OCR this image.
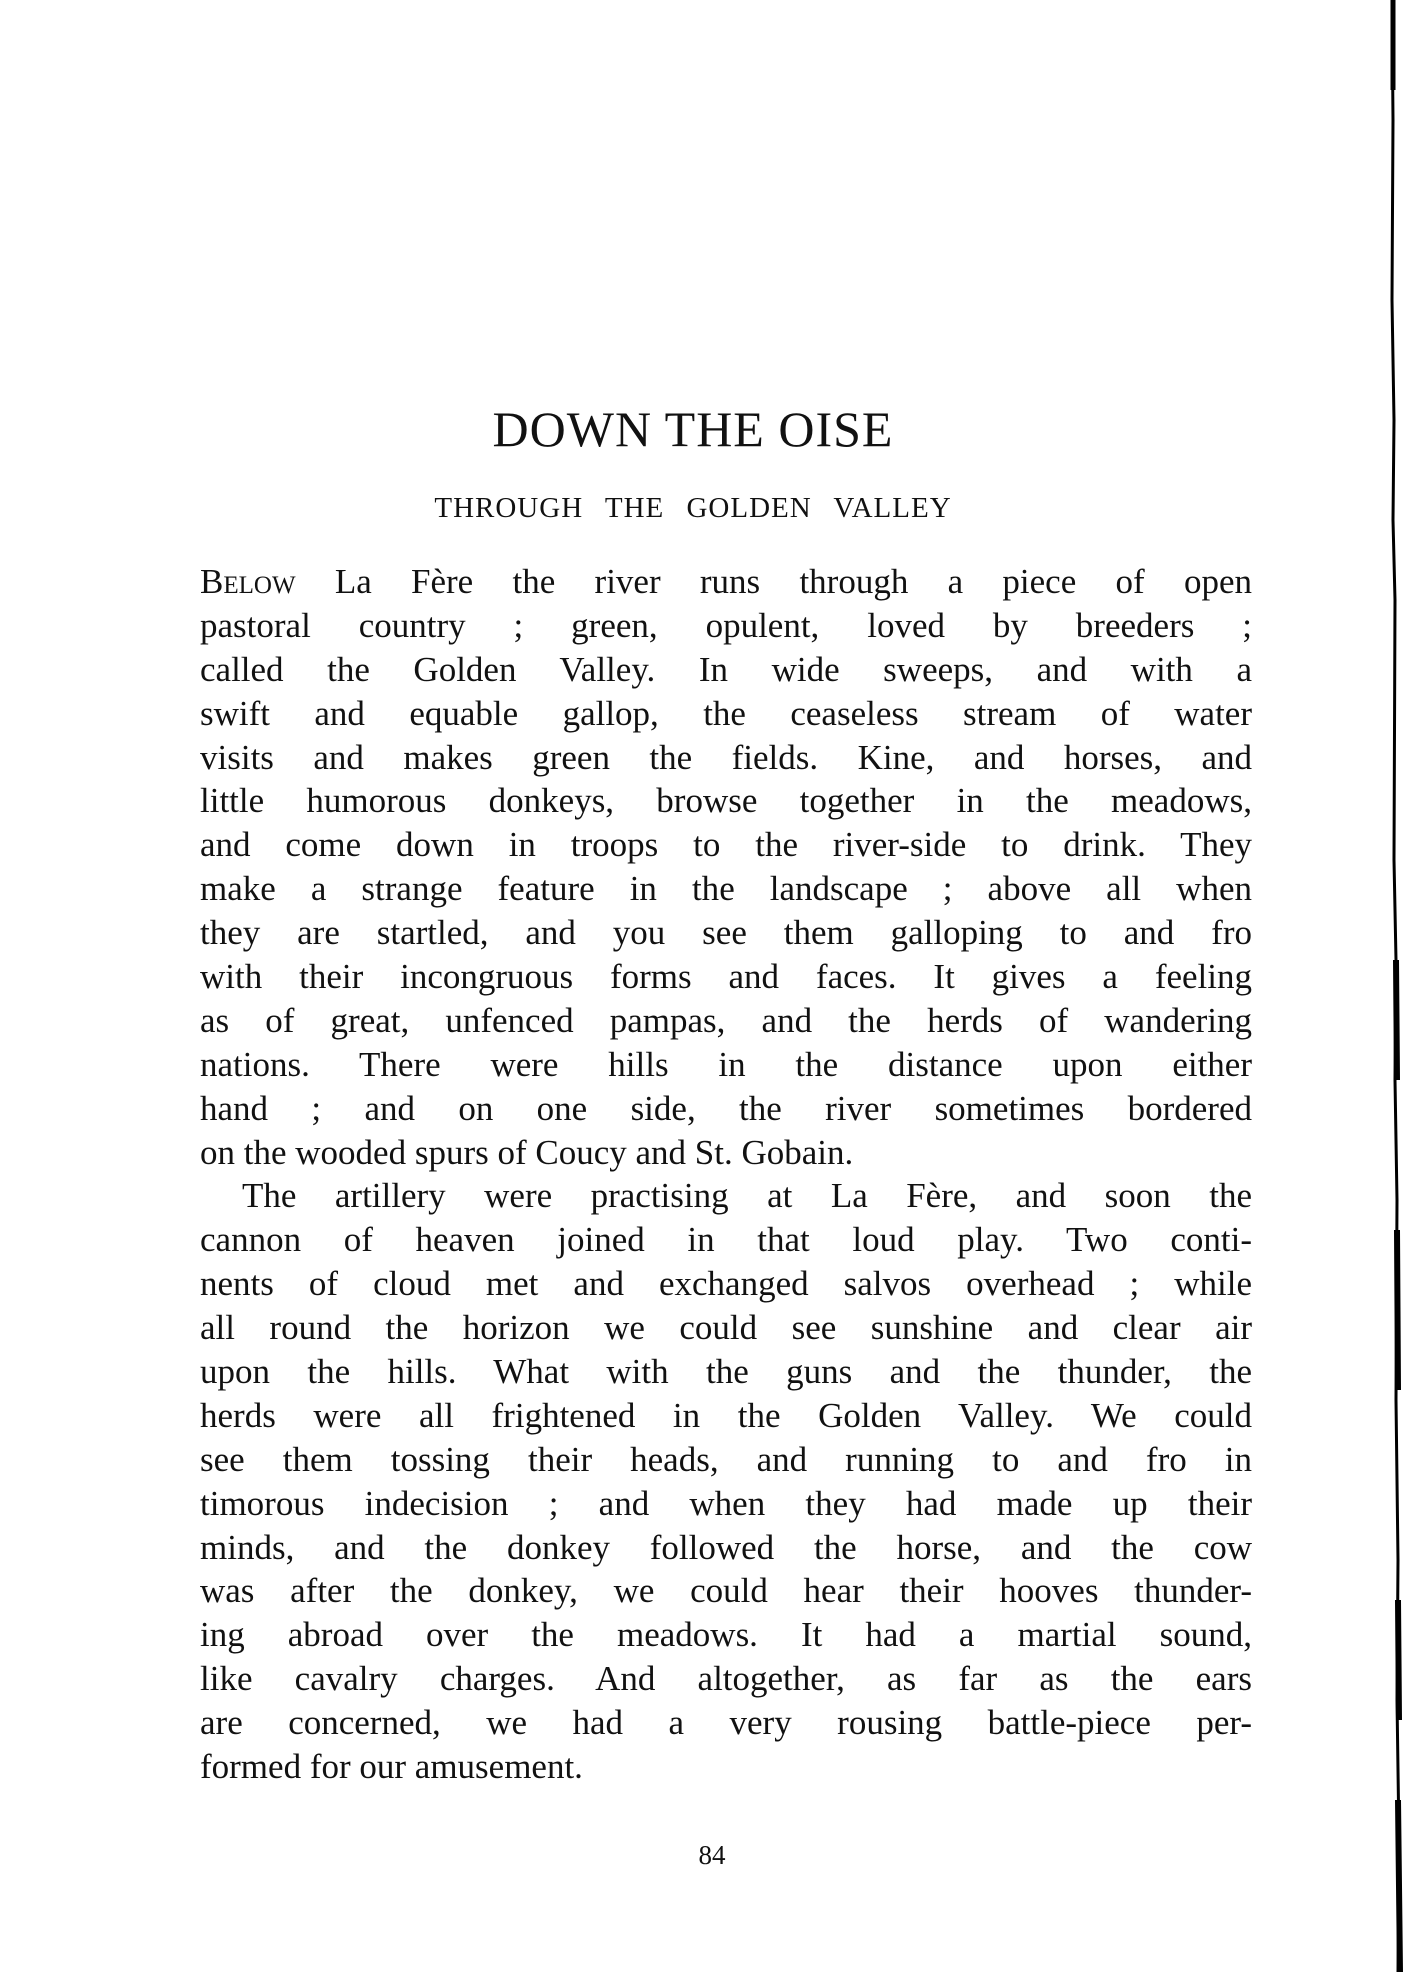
DOWN THE OISE
THROUGH THE GOLDEN VALLEY
Below La Fère the river runs through a piece of open
pastoral country ; green, opulent, loved by breeders ;
called the Golden Valley. In wide sweeps, and with a
swift and equable gallop, the ceaseless stream of water
visits and makes green the fields. Kine, and horses, and
little humorous donkeys, browse together in the meadows,
and come down in troops to the river-side to drink. They
make a strange feature in the landscape ; above all when
they are startled, and you see them galloping to and fro
with their incongruous forms and faces. It gives a feeling
as of great, unfenced pampas, and the herds of wandering
nations. There were hills in the distance upon either
hand ; and on one side, the river sometimes bordered
on the wooded spurs of Coucy and St. Gobain.
The artillery were practising at La Fère, and soon the
cannon of heaven joined in that loud play. Two conti-
nents of cloud met and exchanged salvos overhead ; while
all round the horizon we could see sunshine and clear air
upon the hills. What with the guns and the thunder, the
herds were all frightened in the Golden Valley. We could
see them tossing their heads, and running to and fro in
timorous indecision ; and when they had made up their
minds, and the donkey followed the horse, and the cow
was after the donkey, we could hear their hooves thunder-
ing abroad over the meadows. It had a martial sound,
like cavalry charges. And altogether, as far as the ears
are concerned, we had a very rousing battle-piece per-
formed for our amusement.
84
